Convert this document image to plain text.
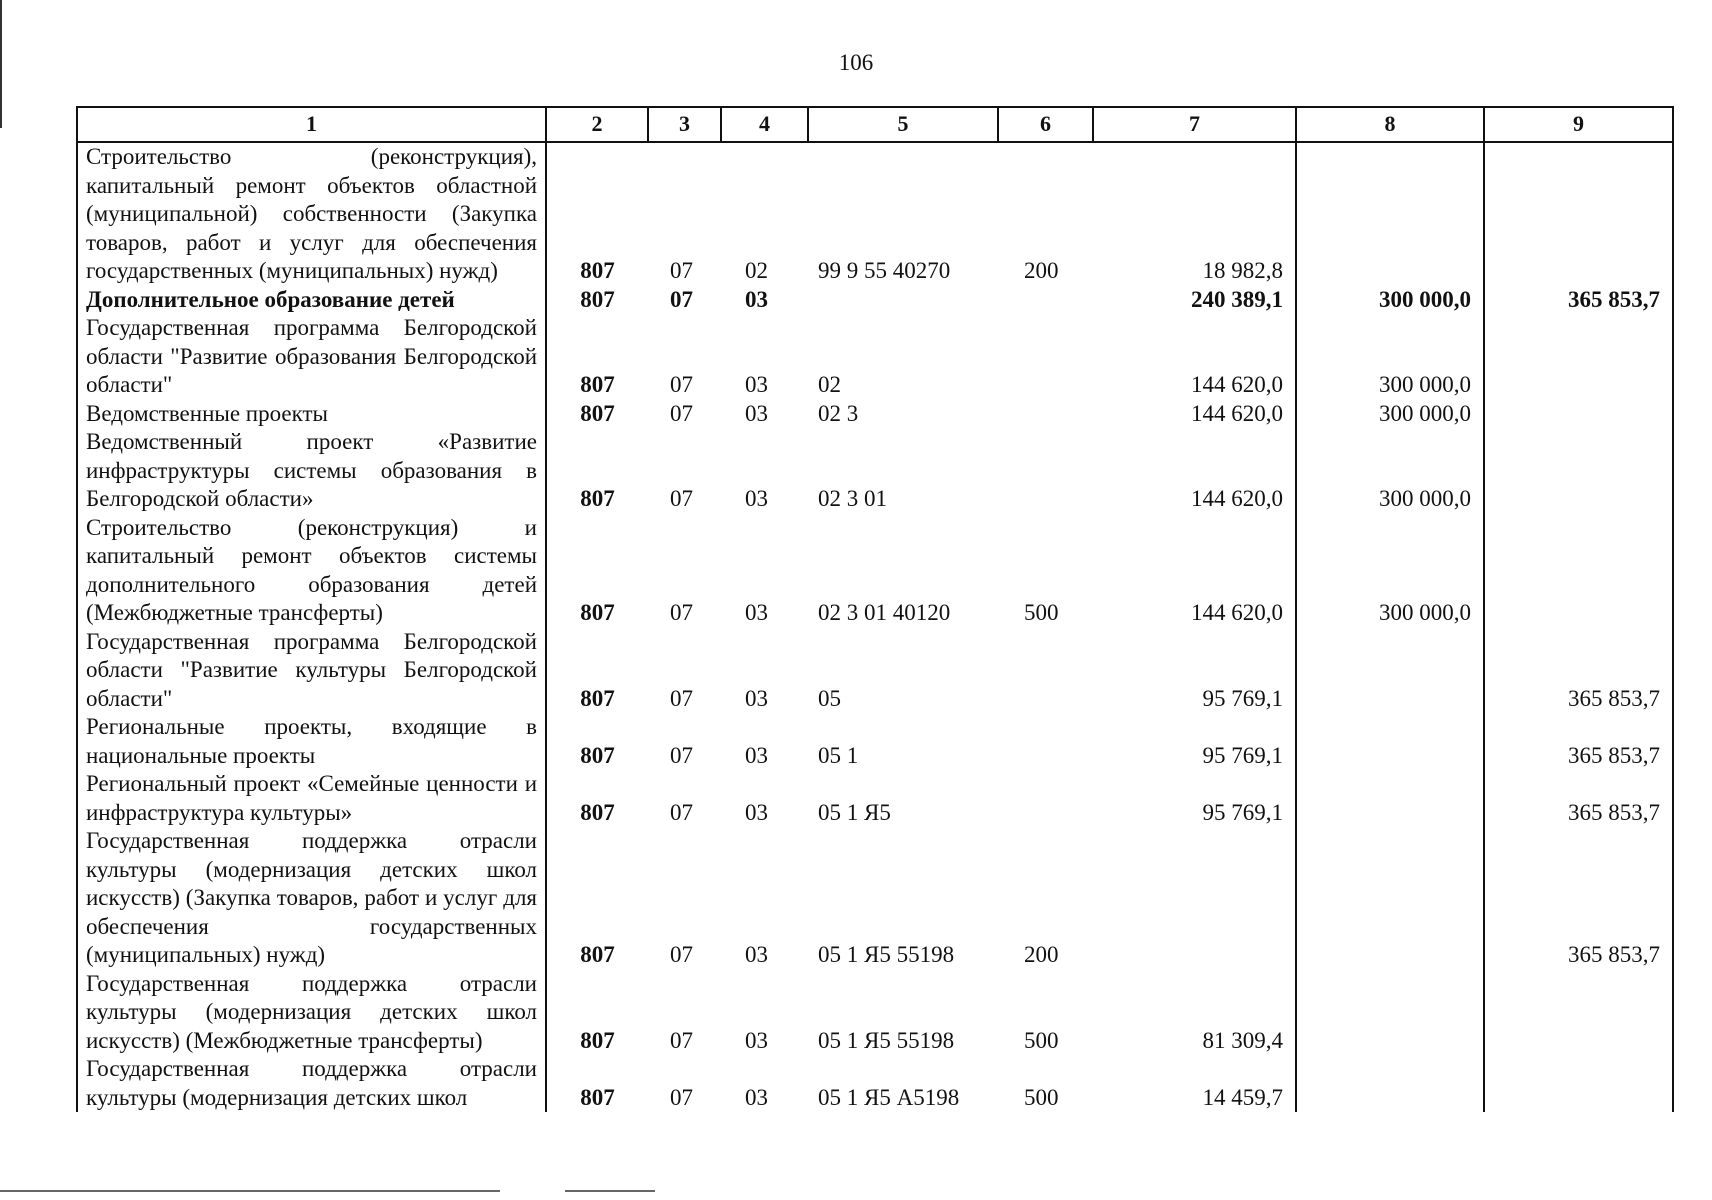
106
1	2	3	4	5	6	7	8	9

Строительство (реконструкция), капитальный ремонт объектов областной (муниципальной) собственности (Закупка товаров, работ и услуг для обеспечения государственных (муниципальных) нужд)	807	07	02	99 9 55 40270	200	18 982,8		

Дополнительное образование детей	807	07	03			240 389,1	300 000,0	365 853,7

Государственная программа Белгородской области "Развитие образования Белгородской области"	807	07	03	02		144 620,0	300 000,0	

Ведомственные проекты	807	07	03	02 3		144 620,0	300 000,0	

Ведомственный проект «Развитие инфраструктуры системы образования в Белгородской области»	807	07	03	02 3 01		144 620,0	300 000,0	

Строительство (реконструкция) и капитальный ремонт объектов системы дополнительного образования детей (Межбюджетные трансферты)	807	07	03	02 3 01 40120	500	144 620,0	300 000,0	

Государственная программа Белгородской области "Развитие культуры Белгородской области"	807	07	03	05		95 769,1		365 853,7

Региональные проекты, входящие в национальные проекты	807	07	03	05 1		95 769,1		365 853,7

Региональный проект «Семейные ценности и инфраструктура культуры»	807	07	03	05 1 Я5		95 769,1		365 853,7

Государственная поддержка отрасли культуры (модернизация детских школ искусств) (Закупка товаров, работ и услуг для обеспечения государственных (муниципальных) нужд)	807	07	03	05 1 Я5 55198	200			365 853,7

Государственная поддержка отрасли культуры (модернизация детских школ искусств) (Межбюджетные трансферты)	807	07	03	05 1 Я5 55198	500	81 309,4		

Государственная поддержка отрасли культуры (модернизация детских школ	807	07	03	05 1 Я5 А5198	500	14 459,7		
